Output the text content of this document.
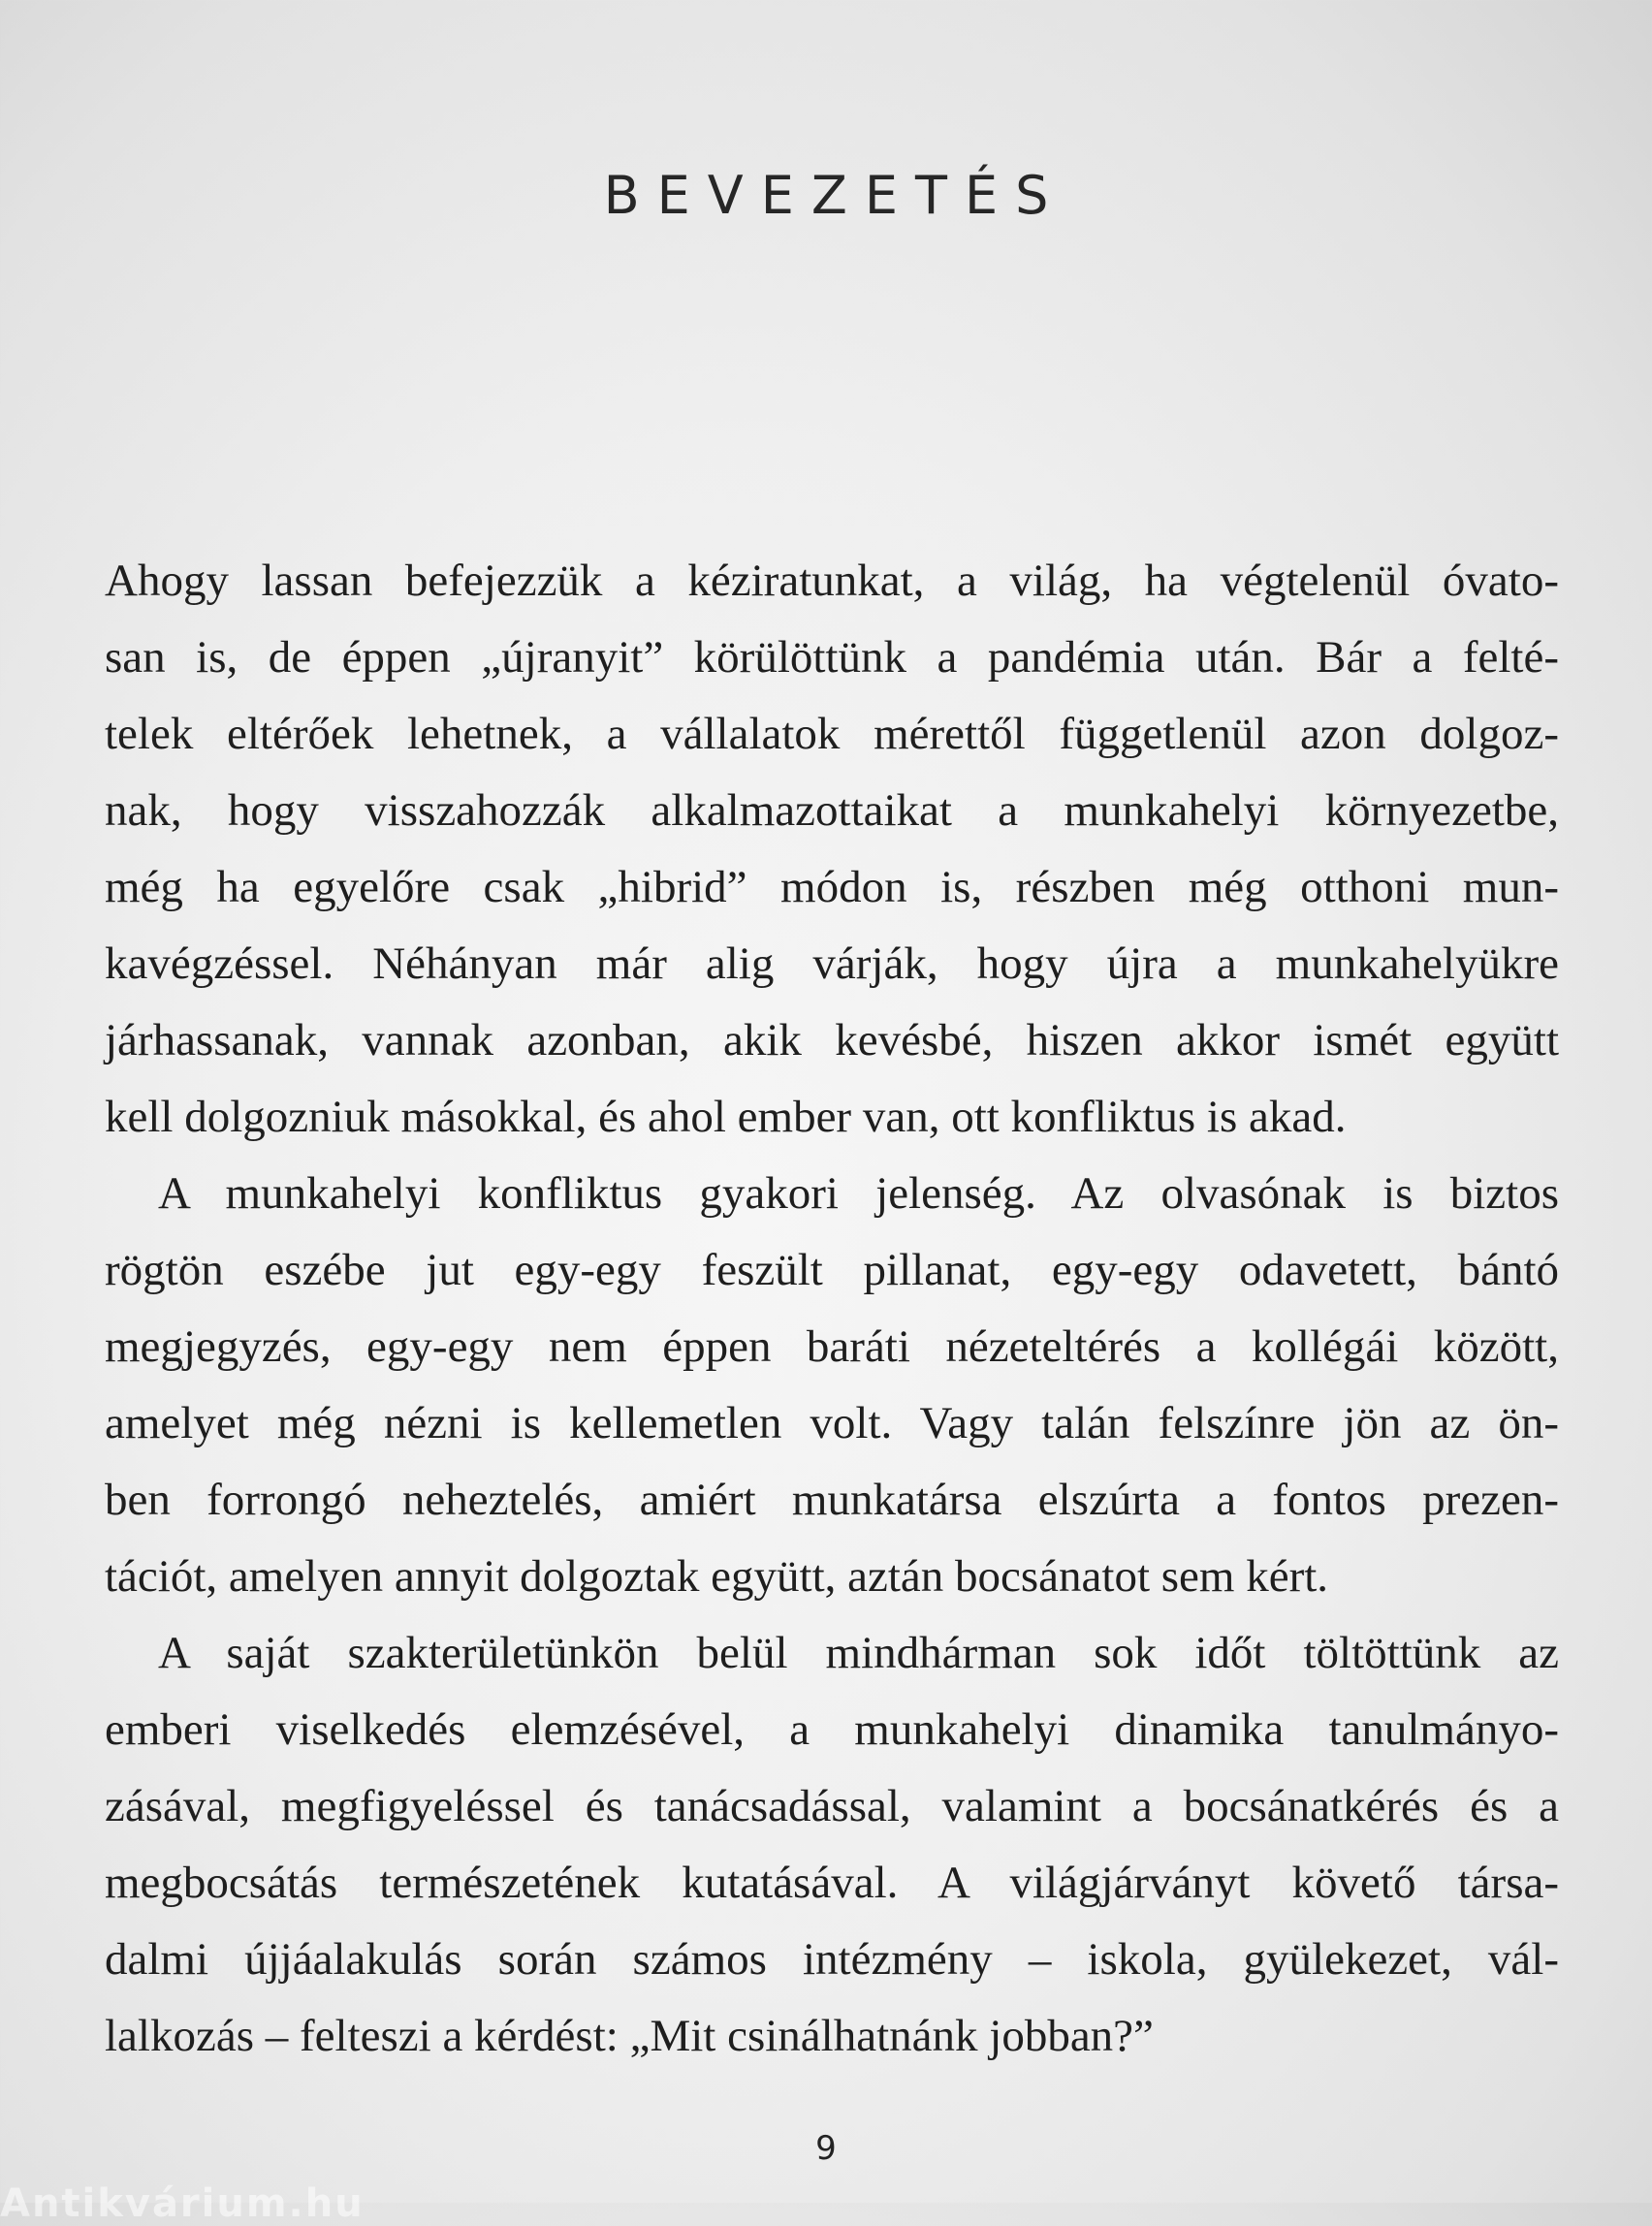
BEVEZETÉS
Ahogy lassan befejezzük a kéziratunkat, a világ, ha végtelenül óvato-
san is, de éppen „újranyit” körülöttünk a pandémia után. Bár a felté-
telek eltérőek lehetnek, a vállalatok mérettől függetlenül azon dolgoz-
nak, hogy visszahozzák alkalmazottaikat a munkahelyi környezetbe,
még ha egyelőre csak „hibrid” módon is, részben még otthoni mun-
kavégzéssel. Néhányan már alig várják, hogy újra a munkahelyükre
járhassanak, vannak azonban, akik kevésbé, hiszen akkor ismét együtt
kell dolgozniuk másokkal, és ahol ember van, ott konfliktus is akad.
A munkahelyi konfliktus gyakori jelenség. Az olvasónak is biztos
rögtön eszébe jut egy-egy feszült pillanat, egy-egy odavetett, bántó
megjegyzés, egy-egy nem éppen baráti nézeteltérés a kollégái között,
amelyet még nézni is kellemetlen volt. Vagy talán felszínre jön az ön-
ben forrongó neheztelés, amiért munkatársa elszúrta a fontos prezen-
tációt, amelyen annyit dolgoztak együtt, aztán bocsánatot sem kért.
A saját szakterületünkön belül mindhárman sok időt töltöttünk az
emberi viselkedés elemzésével, a munkahelyi dinamika tanulmányo-
zásával, megfigyeléssel és tanácsadással, valamint a bocsánatkérés és a
megbocsátás természetének kutatásával. A világjárványt követő társa-
dalmi újjáalakulás során számos intézmény – iskola, gyülekezet, vál-
lalkozás – felteszi a kérdést: „Mit csinálhatnánk jobban?”
9
Antikvárium.hu
